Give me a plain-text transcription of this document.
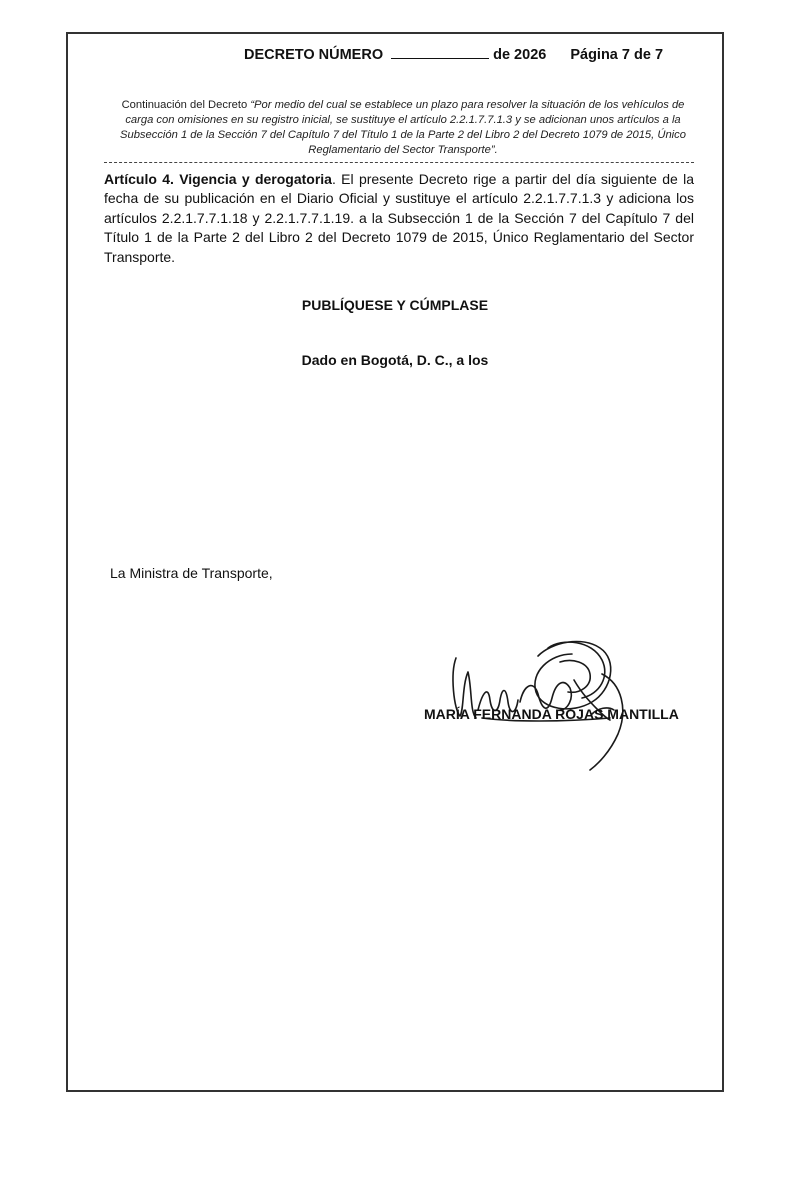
DECRETO NÚMERO	de 2026 Página 7 de 7
Continuación del Decreto “Por medio del cual se establece un plazo para resolver la situación de los vehículos de carga con omisiones en su registro inicial, se sustituye el artículo 2.2.1.7.7.1.3 y se adicionan unos artículos a la Subsección 1 de la Sección 7 del Capítulo 7 del Título 1 de la Parte 2 del Libro 2 del Decreto 1079 de 2015, Único Reglamentario del Sector Transporte”.
Artículo 4. Vigencia y derogatoria. El presente Decreto rige a partir del día siguiente de la fecha de su publicación en el Diario Oficial y sustituye el artículo 2.2.1.7.7.1.3 y adiciona los artículos 2.2.1.7.7.1.18 y 2.2.1.7.7.1.19. a la Subsección 1 de la Sección 7 del Capítulo 7 del Título 1 de la Parte 2 del Libro 2 del Decreto 1079 de 2015, Único Reglamentario del Sector Transporte.
PUBLÍQUESE Y CÚMPLASE
Dado en Bogotá, D. C., a los
La Ministra de Transporte,
MARÍA FERNANDA ROJAS MANTILLA
